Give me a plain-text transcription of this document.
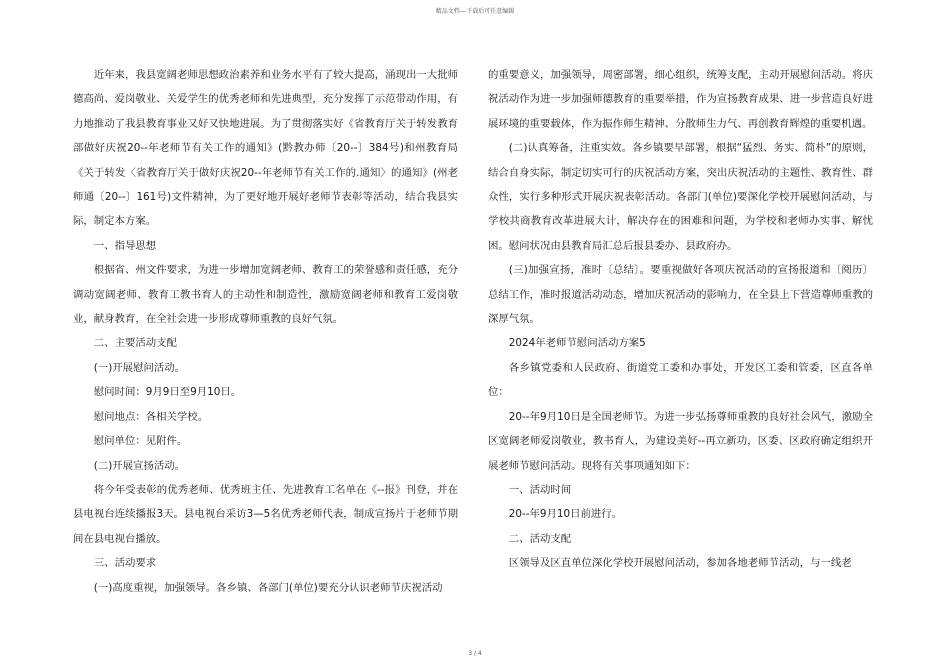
精品文档---下载后可任意编辑

近年来，我县宽阔老师思想政治素养和业务水平有了较大提高，涌现出一大批师德高尚、爱岗敬业、关爱学生的优秀老师和先进典型，充分发挥了示范带动作用，有力地推动了我县教育事业又好又快地进展。为了贯彻落实好《省教育厅关于转发教育部做好庆祝20--年老师节有关工作的通知》(黔教办师〔20--〕384号)和州教育局《关于转发〈省教育厅关于做好庆祝20--年老师节有关工作的.通知〉的通知》(州老师通〔20--〕161号)文件精神，为了更好地开展好老师节表彰等活动，结合我县实际，制定本方案。

一、指导思想

根据省、州文件要求，为进一步增加宽阔老师、教育工的荣誉感和责任感，充分调动宽阔老师、教育工教书育人的主动性和制造性，激励宽阔老师和教育工爱岗敬业，献身教育，在全社会进一步形成尊师重教的良好气氛。

二、主要活动支配

(一)开展慰问活动。

慰问时间：9月9日至9月10日。

慰问地点：各相关学校。

慰问单位：见附件。

(二)开展宣扬活动。

将今年受表彰的优秀老师、优秀班主任、先进教育工名单在《--报》刊登，并在县电视台连续播报3天。县电视台采访3—5名优秀老师代表，制成宣扬片于老师节期间在县电视台播放。

三、活动要求

(一)高度重视，加强领导。各乡镇、各部门(单位)要充分认识老师节庆祝活动

的重要意义，加强领导，周密部署，细心组织，统筹支配，主动开展慰问活动。将庆祝活动作为进一步加强师德教育的重要举措，作为宣扬教育成果、进一步营造良好进展环境的重要载体，作为振作师生精神、分散师生力气、再创教育辉煌的重要机遇。

(二)认真筹备，注重实效。各乡镇要早部署，根据“猛烈、务实、简朴”的原则，结合自身实际，制定切实可行的庆祝活动方案，突出庆祝活动的主题性、教育性、群众性，实行多种形式开展庆祝表彰活动。各部门(单位)要深化学校开展慰问活动，与学校共商教育改革进展大计，解决存在的困难和问题，为学校和老师办实事、解忧困。慰问状况由县教育局汇总后报县委办、县政府办。

(三)加强宣扬，准时〔总结〕。要重视做好各项庆祝活动的宣扬报道和〔阅历〕总结工作，准时报道活动动态，增加庆祝活动的影响力，在全县上下营造尊师重教的深厚气氛。

2024年老师节慰问活动方案5

各乡镇党委和人民政府、街道党工委和办事处，开发区工委和管委，区直各单位：

20--年9月10日是全国老师节。为进一步弘扬尊师重教的良好社会风气，激励全区宽阔老师爱岗敬业，教书育人，为建设美好--再立新功，区委、区政府确定组织开展老师节慰问活动。现将有关事项通知如下：

一、活动时间

20--年9月10日前进行。

二、活动支配

区领导及区直单位深化学校开展慰问活动，参加各地老师节活动，与一线老

3 / 4
